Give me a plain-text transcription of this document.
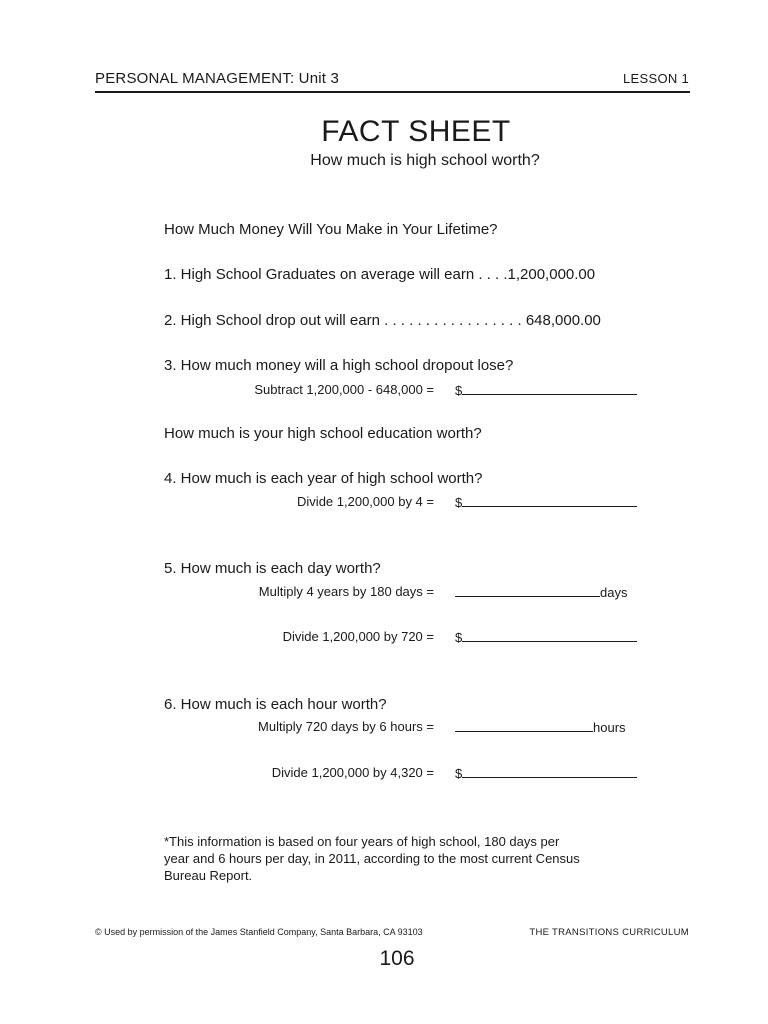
PERSONAL MANAGEMENT: Unit 3	LESSON 1
FACT SHEET
How much is high school worth?
How Much Money Will You Make in Your Lifetime?
1. High School Graduates on average will earn . . . .1,200,000.00
2. High School drop out will earn . . . . . . . . . . . . . . . . . 648,000.00
3. How much money will a high school dropout lose?
Subtract 1,200,000 - 648,000 = $
How much is your high school education worth?
4. How much is each year of high school worth?
Divide 1,200,000 by 4 = $
5. How much is each day worth?
Multiply 4 years by 180 days =	days
Divide 1,200,000 by 720 = $
6. How much is each hour worth?
Multiply 720 days by 6 hours =	hours
Divide 1,200,000 by 4,320 = $
*This information is based on four years of high school, 180 days per year and 6 hours per day, in 2011, according to the most current Census Bureau Report.
© Used by permission of the James Stanfield Company, Santa Barbara, CA 93103	THE TRANSITIONS CURRICULUM
106
